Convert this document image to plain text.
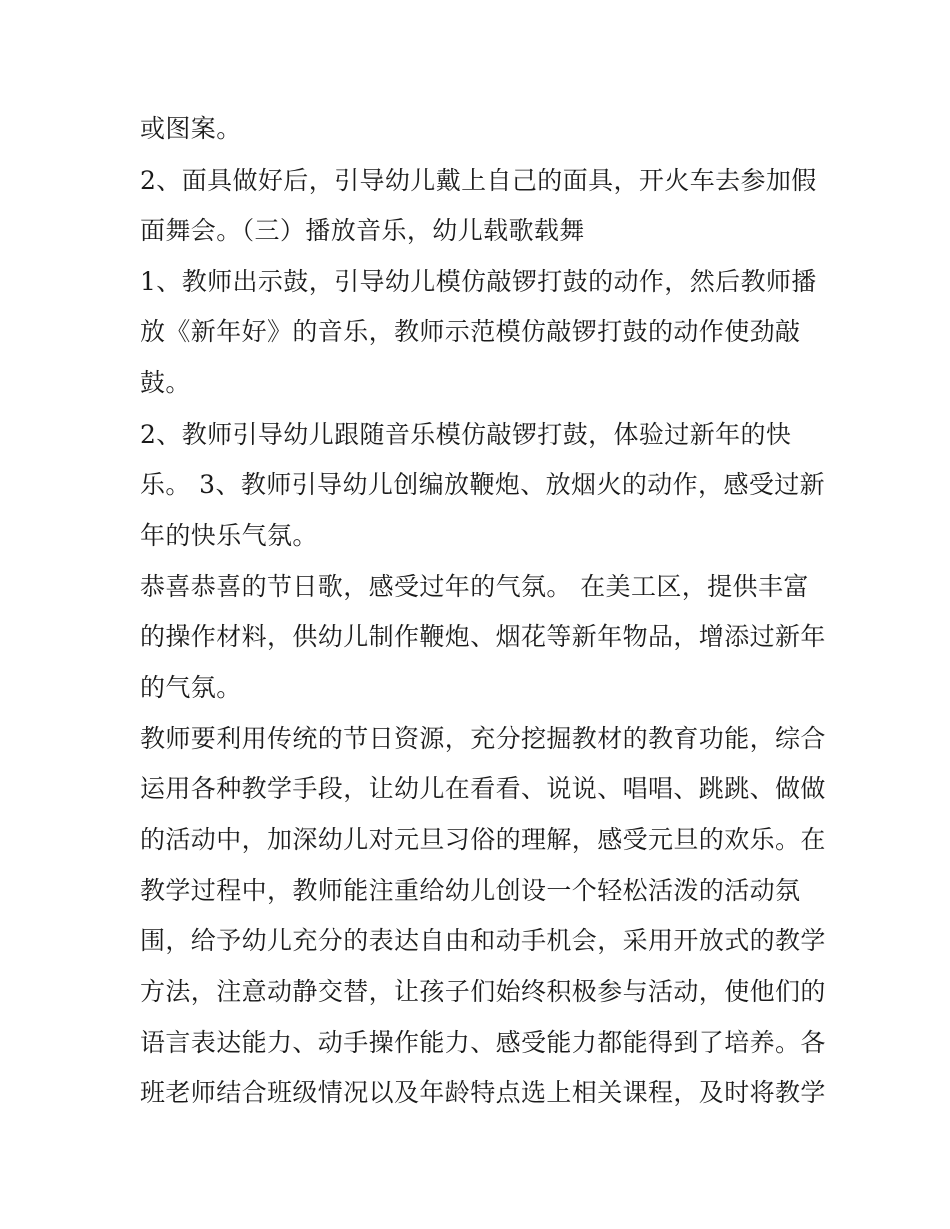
或图案。
2、面具做好后，引导幼儿戴上自己的面具，开火车去参加假
面舞会。（三）播放音乐，幼儿载歌载舞
1、教师出示鼓，引导幼儿模仿敲锣打鼓的动作，然后教师播
放《新年好》的音乐，教师示范模仿敲锣打鼓的动作使劲敲
鼓。
2、教师引导幼儿跟随音乐模仿敲锣打鼓，体验过新年的快
乐。 3、教师引导幼儿创编放鞭炮、放烟火的动作，感受过新
年的快乐气氛。
恭喜恭喜的节日歌，感受过年的气氛。 在美工区，提供丰富
的操作材料，供幼儿制作鞭炮、烟花等新年物品，增添过新年
的气氛。
教师要利用传统的节日资源，充分挖掘教材的教育功能，综合
运用各种教学手段，让幼儿在看看、说说、唱唱、跳跳、做做
的活动中，加深幼儿对元旦习俗的理解，感受元旦的欢乐。在
教学过程中，教师能注重给幼儿创设一个轻松活泼的活动氛
围，给予幼儿充分的表达自由和动手机会，采用开放式的教学
方法，注意动静交替，让孩子们始终积极参与活动，使他们的
语言表达能力、动手操作能力、感受能力都能得到了培养。各
班老师结合班级情况以及年龄特点选上相关课程，及时将教学
